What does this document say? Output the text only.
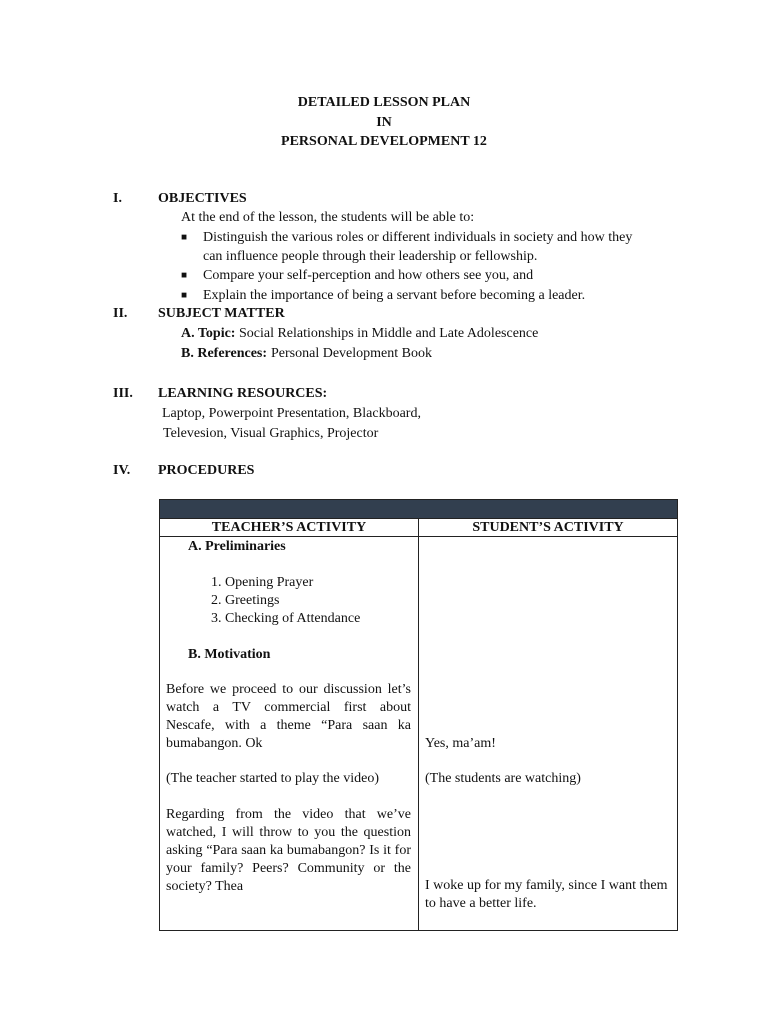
DETAILED LESSON PLAN
IN
PERSONAL DEVELOPMENT 12
I.	OBJECTIVES
At the end of the lesson, the students will be able to:
■ Distinguish the various roles or different individuals in society and how they
can influence people through their leadership or fellowship.
■ Compare your self-perception and how others see you, and
■ Explain the importance of being a servant before becoming a leader.
II. SUBJECT MATTER
A. Topic: Social Relationships in Middle and Late Adolescence
B. References: Personal Development Book
III. LEARNING RESOURCES:
Laptop, Powerpoint Presentation, Blackboard,
Televesion, Visual Graphics, Projector
IV. PROCEDURES
TEACHER’S ACTIVITY	STUDENT’S ACTIVITY
A. Preliminaries
1. Opening Prayer
2. Greetings
3. Checking of Attendance
B. Motivation
Before we proceed to our discussion let’s watch a TV commercial first about Nescafe, with a theme “Para saan ka bumabangon. Ok
(The teacher started to play the video)
Regarding from the video that we’ve watched, I will throw to you the question asking “Para saan ka bumabangon? Is it for your family? Peers? Community or the society? Thea
Yes, ma’am!
(The students are watching)
I woke up for my family, since I want them to have a better life.
